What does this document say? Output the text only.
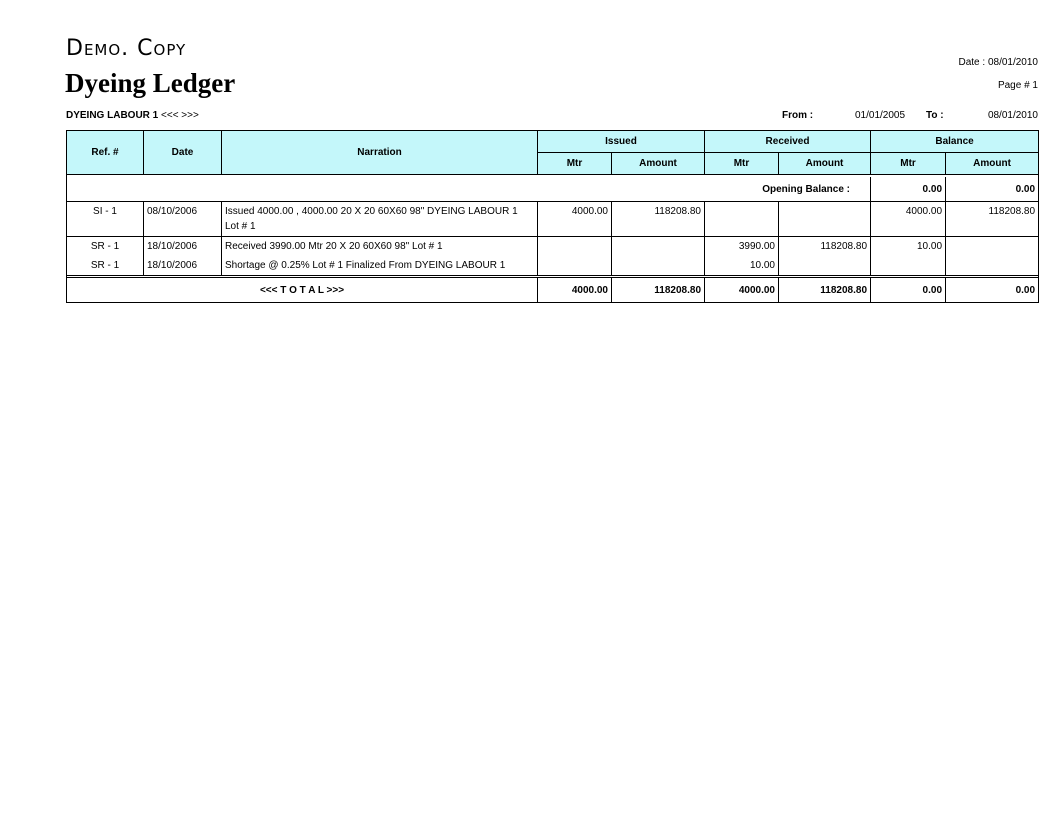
Demo. Copy
Dyeing Ledger
Date : 08/01/2010
Page # 1
DYEING LABOUR 1 <<< >>>	From :	01/01/2005 To :	08/01/2010
Ref. #	Date	Narration	Issued		Received		Balance	
			Mtr	Amount	Mtr	Amount	Mtr	Amount

Opening Balance :							0.00	0.00
SI - 1	08/10/2006	Issued 4000.00 , 4000.00 20 X 20 60X60 98" DYEING LABOUR 1 Lot # 1	4000.00	118208.80			4000.00	118208.80
SR - 1	18/10/2006	Received 3990.00 Mtr 20 X 20 60X60 98" Lot # 1			3990.00	118208.80	10.00	
SR - 1	18/10/2006	Shortage @ 0.25% Lot # 1 Finalized From DYEING LABOUR 1			10.00			

<<< T O T A L >>>			4000.00	118208.80	4000.00	118208.80	0.00	0.00
